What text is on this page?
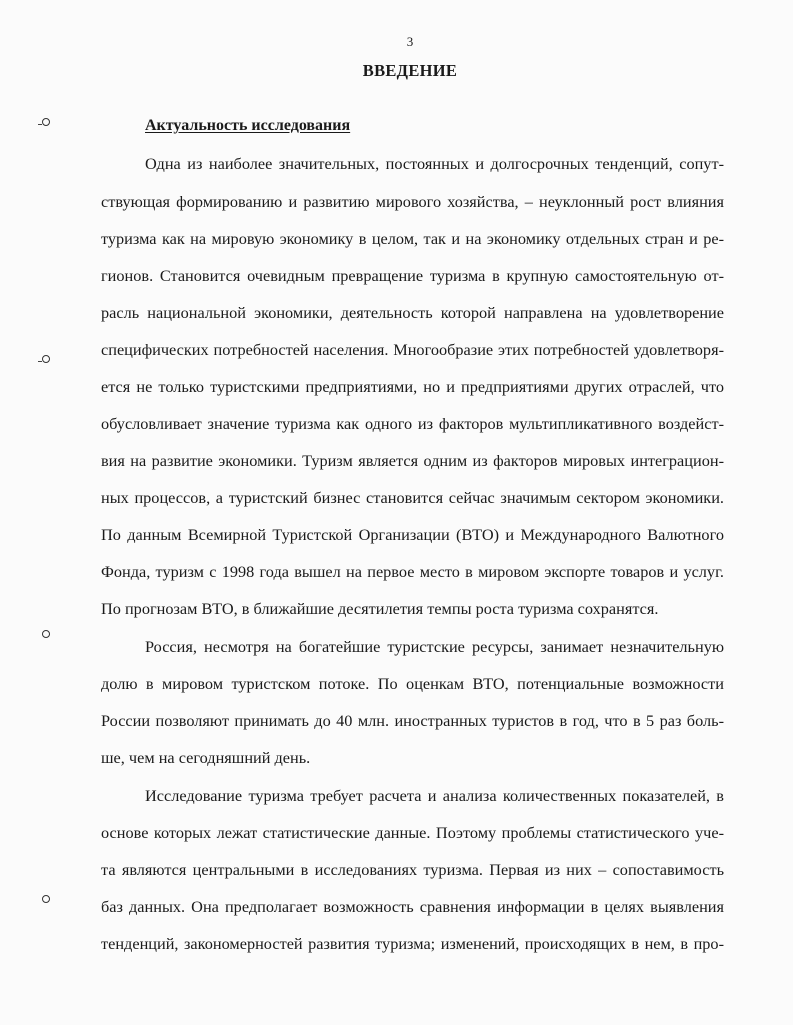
3
ВВЕДЕНИЕ
Актуальность исследования
Одна из наиболее значительных, постоянных и долгосрочных тенденций, сопут-
ствующая формированию и развитию мирового хозяйства, – неуклонный рост влияния
туризма как на мировую экономику в целом, так и на экономику отдельных стран и ре-
гионов. Становится очевидным превращение туризма в крупную самостоятельную от-
расль национальной экономики, деятельность которой направлена на удовлетворение
специфических потребностей населения. Многообразие этих потребностей удовлетворя-
ется не только туристскими предприятиями, но и предприятиями других отраслей, что
обусловливает значение туризма как одного из факторов мультипликативного воздейст-
вия на развитие экономики. Туризм является одним из факторов мировых интеграцион-
ных процессов, а туристский бизнес становится сейчас значимым сектором экономики.
По данным Всемирной Туристской Организации (ВТО) и Международного Валютного
Фонда, туризм с 1998 года вышел на первое место в мировом экспорте товаров и услуг.
По прогнозам ВТО, в ближайшие десятилетия темпы роста туризма сохранятся.
Россия, несмотря на богатейшие туристские ресурсы, занимает незначительную
долю в мировом туристском потоке. По оценкам ВТО, потенциальные возможности
России позволяют принимать до 40 млн. иностранных туристов в год, что в 5 раз боль-
ше, чем на сегодняшний день.
Исследование туризма требует расчета и анализа количественных показателей, в
основе которых лежат статистические данные. Поэтому проблемы статистического уче-
та являются центральными в исследованиях туризма. Первая из них – сопоставимость
баз данных. Она предполагает возможность сравнения информации в целях выявления
тенденций, закономерностей развития туризма; изменений, происходящих в нем, в про-
